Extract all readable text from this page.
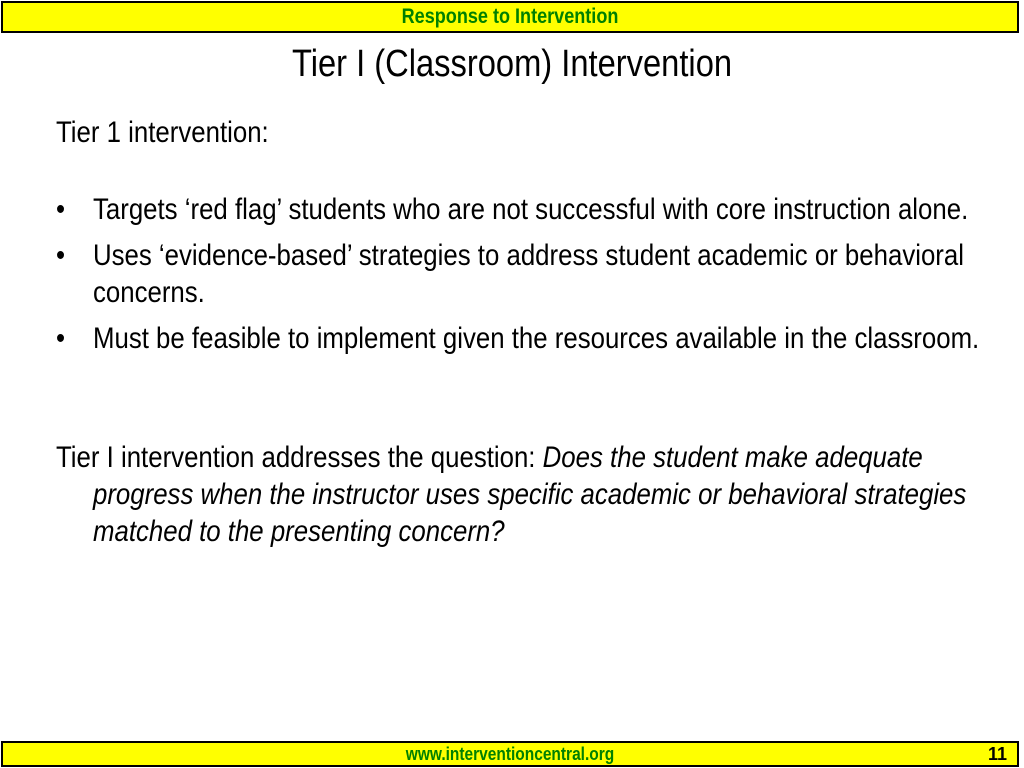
Response to Intervention
Tier I (Classroom) Intervention

Tier 1 intervention:

• Targets ‘red flag’ students who are not successful with core instruction alone.
• Uses ‘evidence-based’ strategies to address student academic or behavioral concerns.
• Must be feasible to implement given the resources available in the classroom.

Tier I intervention addresses the question: Does the student make adequate progress when the instructor uses specific academic or behavioral strategies matched to the presenting concern?

www.interventioncentral.org	11
